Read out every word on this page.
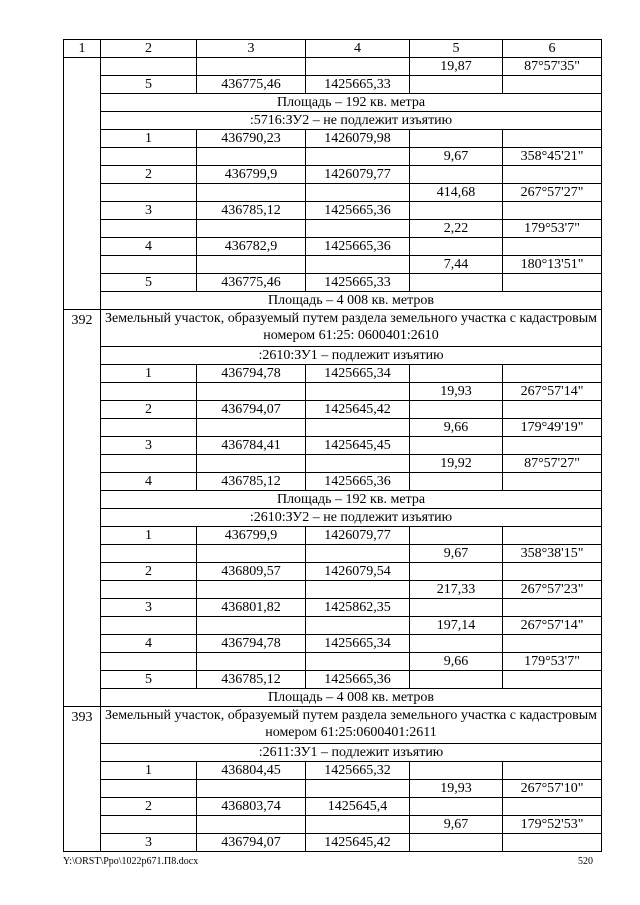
1	2	3	4	5	6
				19,87	87°57'35"
	5	436775,46	1425665,33		
	Площадь – 192 кв. метра				
	:5716:ЗУ2 – не подлежит изъятию				
	1	436790,23	1426079,98		
				9,67	358°45'21"
	2	436799,9	1426079,77		
				414,68	267°57'27"
	3	436785,12	1425665,36		
				2,22	179°53'7"
	4	436782,9	1425665,36		
				7,44	180°13'51"
	5	436775,46	1425665,33		
	Площадь – 4 008 кв. метров				
392	Земельный участок, образуемый путем раздела земельного участка с кадастровым номером 61:25: 0600401:2610				
	:2610:ЗУ1 – подлежит изъятию				
	1	436794,78	1425665,34		
				19,93	267°57'14"
	2	436794,07	1425645,42		
				9,66	179°49'19"
	3	436784,41	1425645,45		
				19,92	87°57'27"
	4	436785,12	1425665,36		
	Площадь – 192 кв. метра				
	:2610:ЗУ2 – не подлежит изъятию				
	1	436799,9	1426079,77		
				9,67	358°38'15"
	2	436809,57	1426079,54		
				217,33	267°57'23"
	3	436801,82	1425862,35		
				197,14	267°57'14"
	4	436794,78	1425665,34		
				9,66	179°53'7"
	5	436785,12	1425665,36		
	Площадь – 4 008 кв. метров				
393	Земельный участок, образуемый путем раздела земельного участка с кадастровым номером 61:25:0600401:2611				
	:2611:ЗУ1 – подлежит изъятию				
	1	436804,45	1425665,32		
				19,93	267°57'10"
	2	436803,74	1425645,4		
				9,67	179°52'53"
	3	436794,07	1425645,42		
Y:\ORST\Ppo\1022p671.П8.docx	520
